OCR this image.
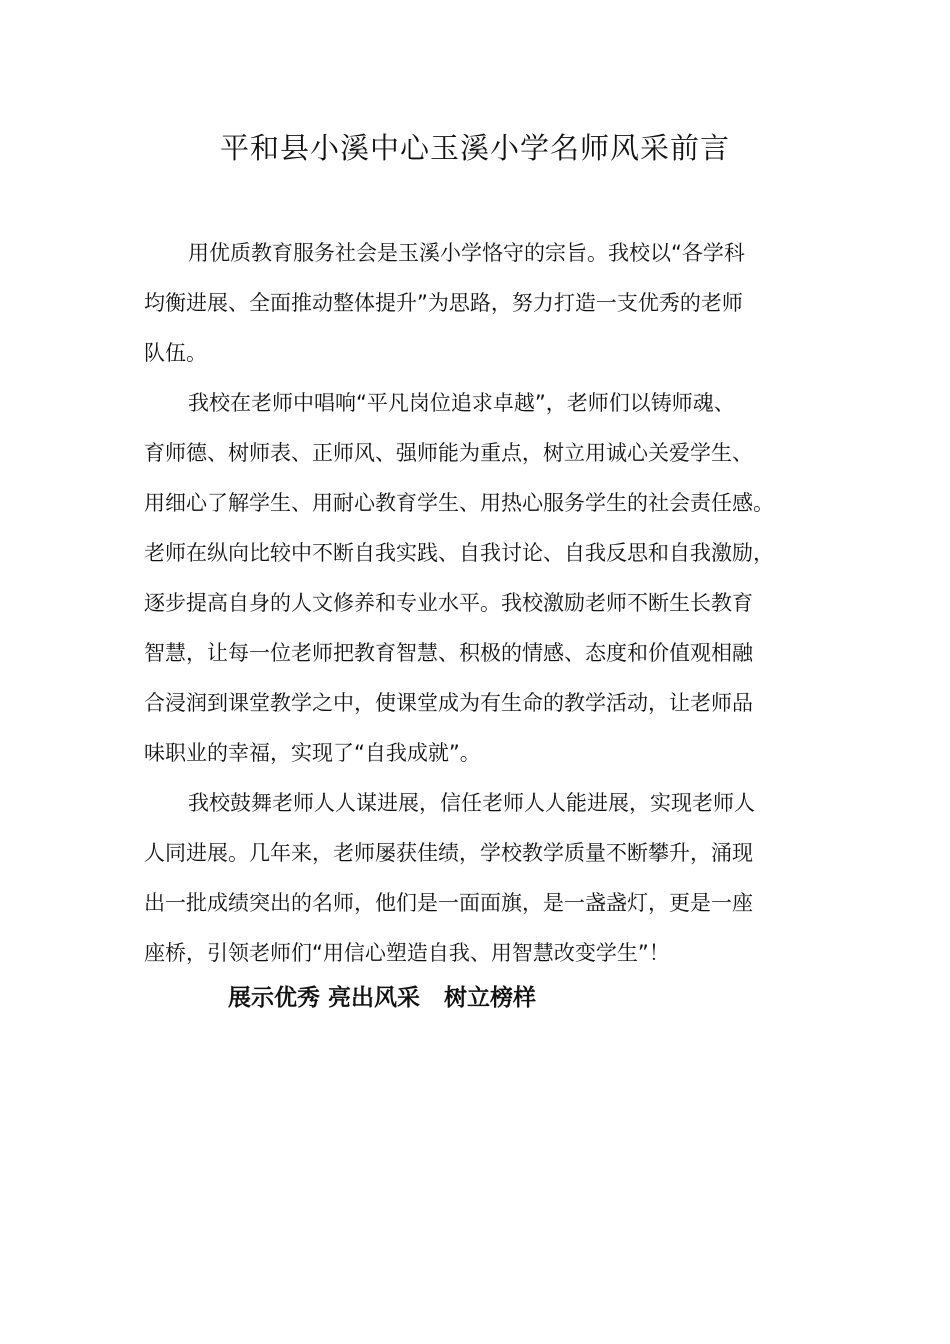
平和县小溪中心玉溪小学名师风采前言
用优质教育服务社会是玉溪小学恪守的宗旨。我校以“各学科
均衡进展、全面推动整体提升”为思路，努力打造一支优秀的老师
队伍。
我校在老师中唱响“平凡岗位追求卓越”，老师们以铸师魂、
育师德、树师表、正师风、强师能为重点，树立用诚心关爱学生、
用细心了解学生、用耐心教育学生、用热心服务学生的社会责任感。
老师在纵向比较中不断自我实践、自我讨论、自我反思和自我激励，
逐步提高自身的人文修养和专业水平。我校激励老师不断生长教育
智慧，让每一位老师把教育智慧、积极的情感、态度和价值观相融
合浸润到课堂教学之中，使课堂成为有生命的教学活动，让老师品
味职业的幸福，实现了“自我成就”。
我校鼓舞老师人人谋进展，信任老师人人能进展，实现老师人
人同进展。几年来，老师屡获佳绩，学校教学质量不断攀升，涌现
出一批成绩突出的名师，他们是一面面旗，是一盏盏灯，更是一座
座桥，引领老师们“用信心塑造自我、用智慧改变学生”！
展示优秀 亮出风采   树立榜样
